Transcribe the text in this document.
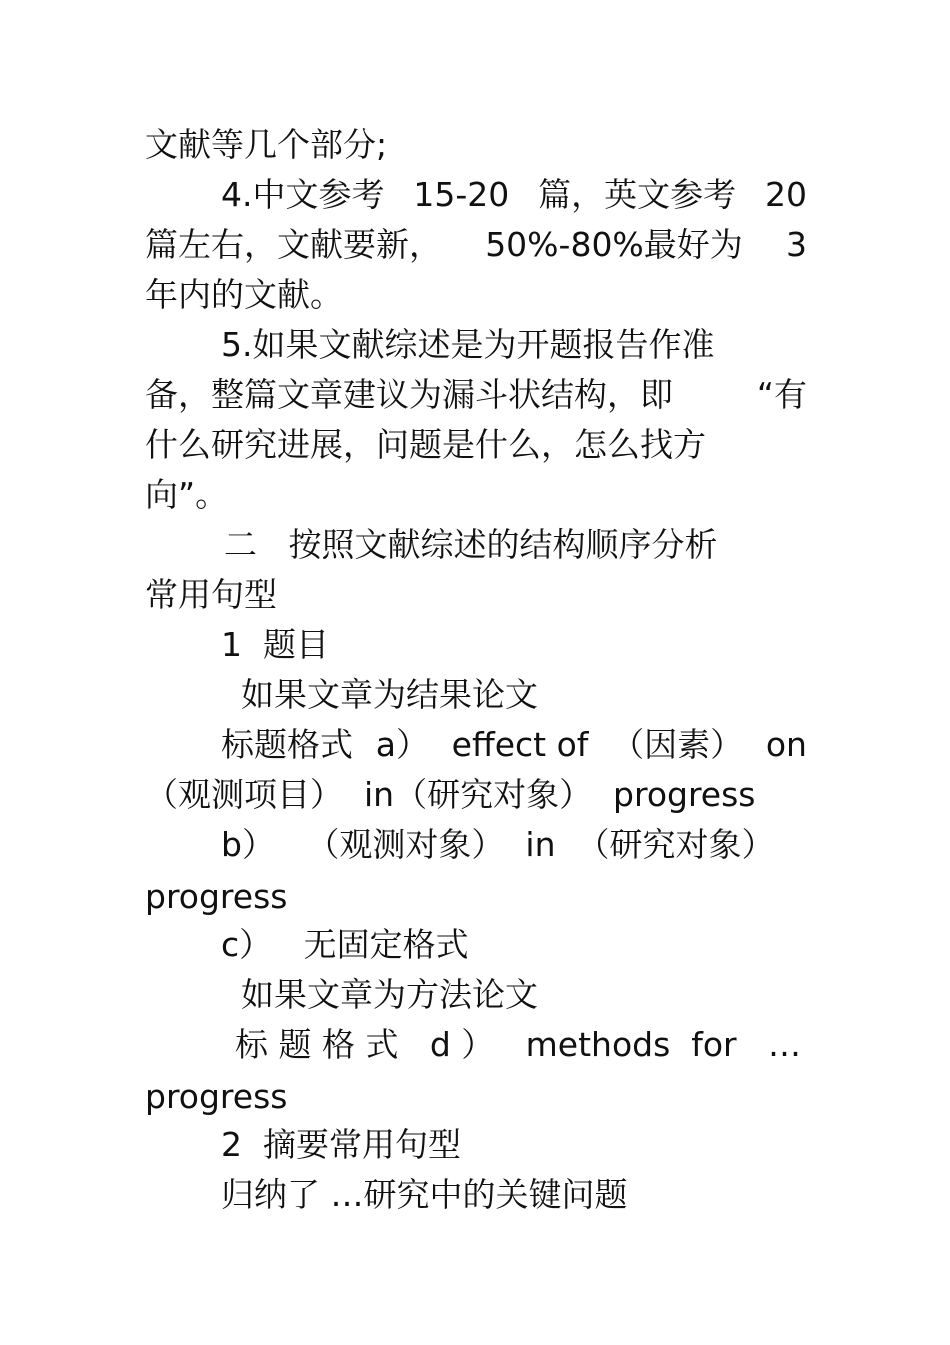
文献等几个部分;

4.中文参考 15-20 篇，英文参考 20

篇左右，文献要新， 50%-80%最好为 3

年内的文献。

5.如果文献综述是为开题报告作准

备，整篇文章建议为漏斗状结构，即	“有

什么研究进展，问题是什么，怎么找方

向”。

二   按照文献综述的结构顺序分析

常用句型

1  题目

如果文章为结果论文

标题格式 a） effect of （因素） on

（观测项目）  in（研究对象）  progress

b）   （观测对象）  in  （研究对象）

progress

c）   无固定格式

如果文章为方法论文

标 题 格 式 d ） methods  for …

progress

2  摘要常用句型

归纳了 …研究中的关键问题
